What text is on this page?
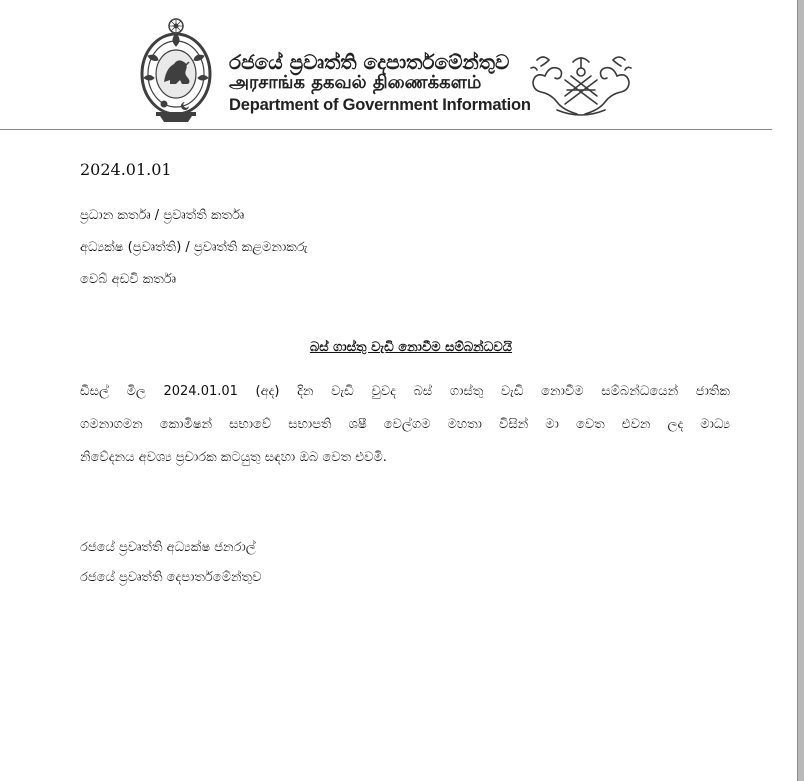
රජයේ ප්‍රවෘත්ති දෙපාර්තමේන්තුව
அரசாங்க தகவல் திணைக்களம்
Department of Government Information
2024.01.01
ප්‍රධාන කර්තෘ / ප්‍රවෘත්ති කර්තෘ
අධ්‍යක්ෂ (ප්‍රවෘත්ති) / ප්‍රවෘත්ති කළමනාකරු
වෙබ් අඩවි කර්තෘ
බස් ගාස්තු වැඩි නොවීම සම්බන්ධවයි
ඩීසල් මිල 2024.01.01 (අද) දින වැඩි වුවද බස් ගාස්තු වැඩි නොවීම සම්බන්ධයෙන් ජාතික
ගමනාගමන කොමිෂන් සභාවේ සභාපති ශෂී වෙල්ගම මහතා විසින් මා වෙත එවන ලද මාධ්‍ය
නිවේදනය අවශ්‍ය ප්‍රචාරක කටයුතු සඳහා ඔබ වෙත එවමි.
රජයේ ප්‍රවෘත්ති අධ්‍යක්ෂ ජනරාල්
රජයේ ප්‍රවෘත්ති දෙපාර්තමේන්තුව
